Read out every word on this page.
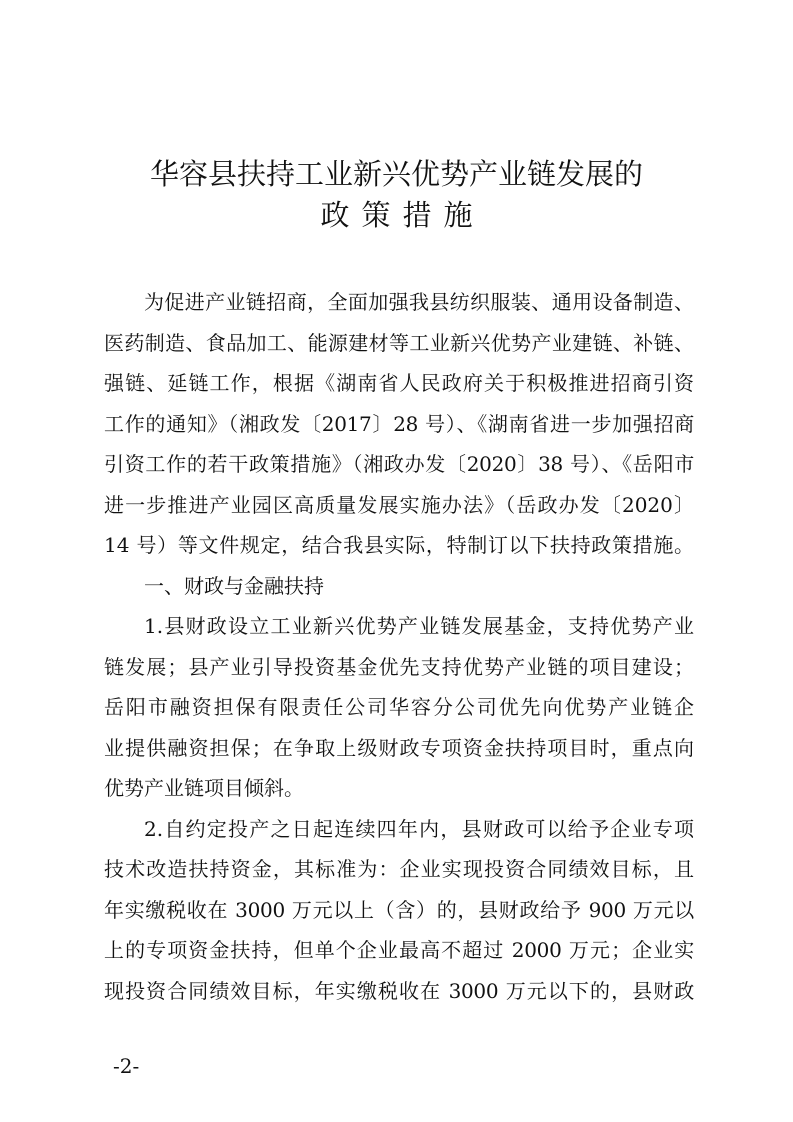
华容县扶持工业新兴优势产业链发展的
政策措施
为促进产业链招商，全面加强我县纺织服装、通用设备制造、
医药制造、食品加工、能源建材等工业新兴优势产业建链、补链、
强链、延链工作，根据《湖南省人民政府关于积极推进招商引资
工作的通知》（湘政发〔2017〕28 号）、《湖南省进一步加强招商
引资工作的若干政策措施》（湘政办发〔2020〕38 号）、《岳阳市
进一步推进产业园区高质量发展实施办法》（岳政办发〔2020〕
14 号）等文件规定，结合我县实际，特制订以下扶持政策措施。
一、财政与金融扶持
1.县财政设立工业新兴优势产业链发展基金，支持优势产业
链发展；县产业引导投资基金优先支持优势产业链的项目建设；
岳阳市融资担保有限责任公司华容分公司优先向优势产业链企
业提供融资担保；在争取上级财政专项资金扶持项目时，重点向
优势产业链项目倾斜。
2.自约定投产之日起连续四年内，县财政可以给予企业专项
技术改造扶持资金，其标准为：企业实现投资合同绩效目标，且
年实缴税收在 3000 万元以上（含）的，县财政给予 900 万元以
上的专项资金扶持，但单个企业最高不超过 2000 万元；企业实
现投资合同绩效目标，年实缴税收在 3000 万元以下的，县财政
-2-
